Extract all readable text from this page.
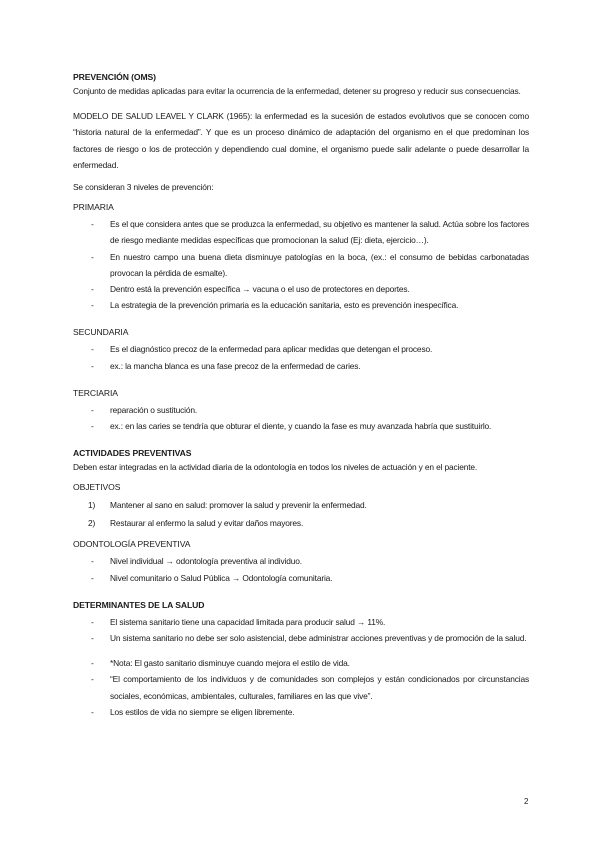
PREVENCIÓN (OMS)
Conjunto de medidas aplicadas para evitar la ocurrencia de la enfermedad, detener su progreso y reducir sus consecuencias.
MODELO DE SALUD LEAVEL Y CLARK (1965): la enfermedad es la sucesión de estados evolutivos que se conocen como “historia natural de la enfermedad”. Y que es un proceso dinámico de adaptación del organismo en el que predominan los factores de riesgo o los de protección y dependiendo cual domine, el organismo puede salir adelante o puede desarrollar la enfermedad.
Se consideran 3 niveles de prevención:
PRIMARIA
- Es el que considera antes que se produzca la enfermedad, su objetivo es mantener la salud. Actúa sobre los factores de riesgo mediante medidas específicas que promocionan la salud (Ej: dieta, ejercicio…).
- En nuestro campo una buena dieta disminuye patologías en la boca, (ex.: el consumo de bebidas carbonatadas provocan la pérdida de esmalte).
- Dentro está la prevención específica → vacuna o el uso de protectores en deportes.
- La estrategia de la prevención primaria es la educación sanitaria, esto es prevención inespecífica.
SECUNDARIA
- Es el diagnóstico precoz de la enfermedad para aplicar medidas que detengan el proceso.
- ex.: la mancha blanca es una fase precoz de la enfermedad de caries.
TERCIARIA
- reparación o sustitución.
- ex.: en las caries se tendría que obturar el diente, y cuando la fase es muy avanzada habría que sustituirlo.
ACTIVIDADES PREVENTIVAS
Deben estar integradas en la actividad diaria de la odontología en todos los niveles de actuación y en el paciente.
OBJETIVOS
1) Mantener al sano en salud: promover la salud y prevenir la enfermedad.
2) Restaurar al enfermo la salud y evitar daños mayores.
ODONTOLOGÍA PREVENTIVA
- Nivel individual → odontología preventiva al individuo.
- Nivel comunitario o Salud Pública → Odontología comunitaria.
DETERMINANTES DE LA SALUD
- El sistema sanitario tiene una capacidad limitada para producir salud → 11%.
- Un sistema sanitario no debe ser solo asistencial, debe administrar acciones preventivas y de promoción de la salud.
- *Nota: El gasto sanitario disminuye cuando mejora el estilo de vida.
- “El comportamiento de los individuos y de comunidades son complejos y están condicionados por circunstancias sociales, económicas, ambientales, culturales, familiares en las que vive”.
- Los estilos de vida no siempre se eligen libremente.
2
